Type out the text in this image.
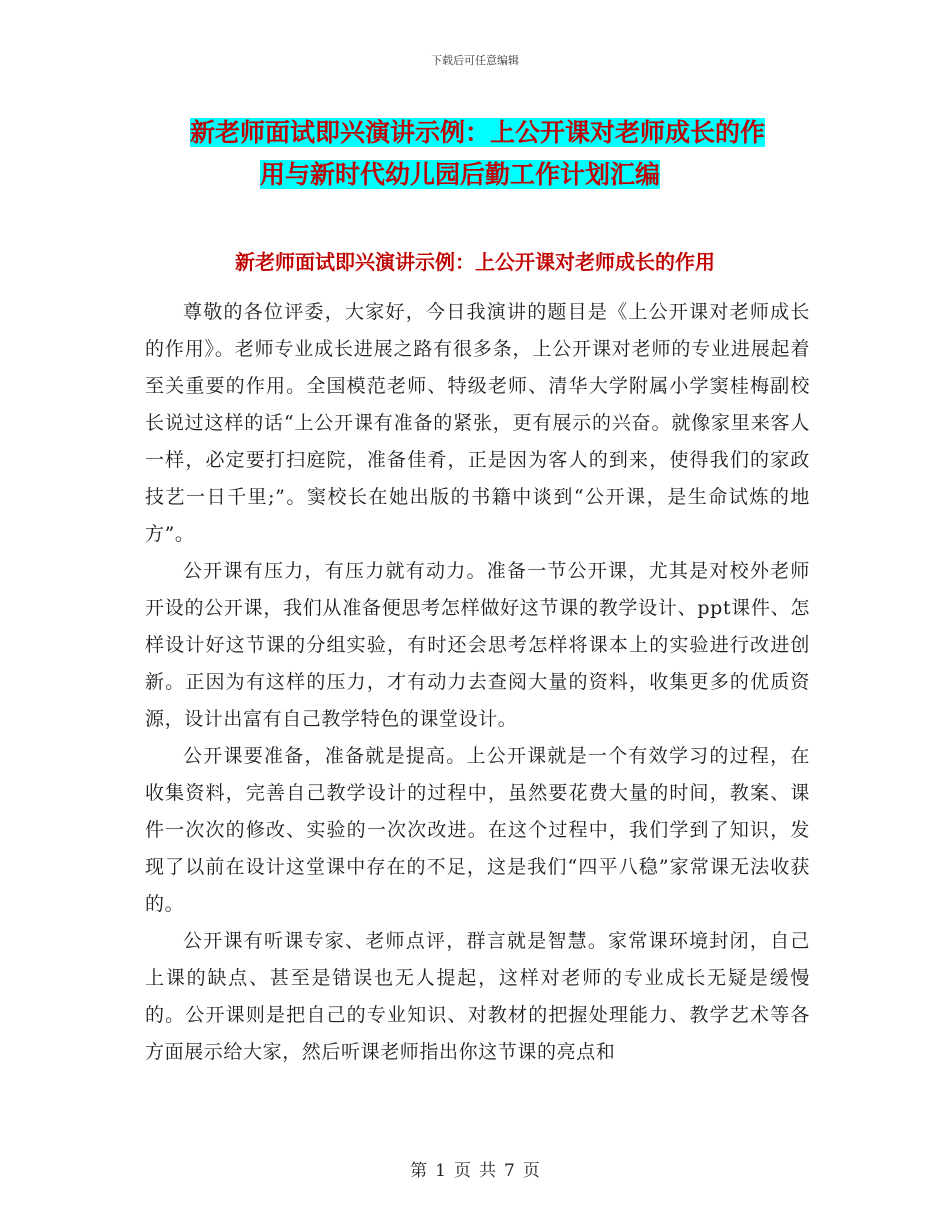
下载后可任意编辑
新老师面试即兴演讲示例：上公开课对老师成长的作
用与新时代幼儿园后勤工作计划汇编
新老师面试即兴演讲示例：上公开课对老师成长的作用

尊敬的各位评委，大家好，今日我演讲的题目是《上公开课对老师成长的作用》。老师专业成长进展之路有很多条，上公开课对老师的专业进展起着至关重要的作用。全国模范老师、特级老师、清华大学附属小学窦桂梅副校长说过这样的话“上公开课有准备的紧张，更有展示的兴奋。就像家里来客人一样，必定要打扫庭院，准备佳肴，正是因为客人的到来，使得我们的家政技艺一日千里;”。窦校长在她出版的书籍中谈到“公开课，是生命试炼的地方”。

公开课有压力，有压力就有动力。准备一节公开课，尤其是对校外老师开设的公开课，我们从准备便思考怎样做好这节课的教学设计、ppt课件、怎样设计好这节课的分组实验，有时还会思考怎样将课本上的实验进行改进创新。正因为有这样的压力，才有动力去查阅大量的资料，收集更多的优质资源，设计出富有自己教学特色的课堂设计。

公开课要准备，准备就是提高。上公开课就是一个有效学习的过程，在收集资料，完善自己教学设计的过程中，虽然要花费大量的时间，教案、课件一次次的修改、实验的一次次改进。在这个过程中，我们学到了知识，发现了以前在设计这堂课中存在的不足，这是我们“四平八稳”家常课无法收获的。

公开课有听课专家、老师点评，群言就是智慧。家常课环境封闭，自己上课的缺点、甚至是错误也无人提起，这样对老师的专业成长无疑是缓慢的。公开课则是把自己的专业知识、对教材的把握处理能力、教学艺术等各方面展示给大家，然后听课老师指出你这节课的亮点和

第 1 页 共 7 页
